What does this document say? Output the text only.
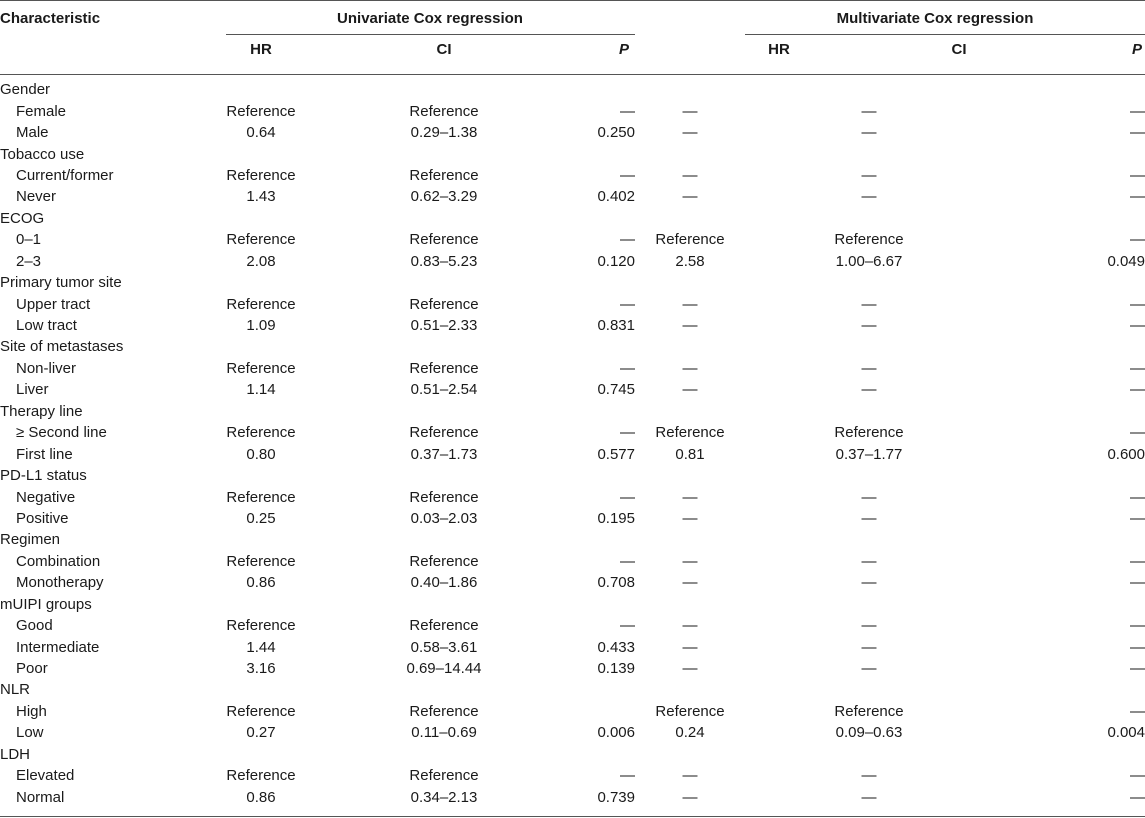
Characteristic	Univariate Cox regression	Multivariate Cox regression
HR	CI	P	HR	CI	P
Gender						
Female	Reference	Reference	—	—	—	—
Male	0.64	0.29–1.38	0.250	—	—	—
Tobacco use						
Current/former	Reference	Reference	—	—	—	—
Never	1.43	0.62–3.29	0.402	—	—	—
ECOG						
0–1	Reference	Reference	—	Reference	Reference	—
2–3	2.08	0.83–5.23	0.120	2.58	1.00–6.67	0.049
Primary tumor site						
Upper tract	Reference	Reference	—	—	—	—
Low tract	1.09	0.51–2.33	0.831	—	—	—
Site of metastases						
Non-liver	Reference	Reference	—	—	—	—
Liver	1.14	0.51–2.54	0.745	—	—	—
Therapy line						
≥ Second line	Reference	Reference	—	Reference	Reference	—
First line	0.80	0.37–1.73	0.577	0.81	0.37–1.77	0.600
PD-L1 status						
Negative	Reference	Reference	—	—	—	—
Positive	0.25	0.03–2.03	0.195	—	—	—
Regimen						
Combination	Reference	Reference	—	—	—	—
Monotherapy	0.86	0.40–1.86	0.708	—	—	—
mUIPI groups						
Good	Reference	Reference	—	—	—	—
Intermediate	1.44	0.58–3.61	0.433	—	—	—
Poor	3.16	0.69–14.44	0.139	—	—	—
NLR						
High	Reference	Reference		Reference	Reference	—
Low	0.27	0.11–0.69	0.006	0.24	0.09–0.63	0.004
LDH						
Elevated	Reference	Reference	—	—	—	—
Normal	0.86	0.34–2.13	0.739	—	—	—
